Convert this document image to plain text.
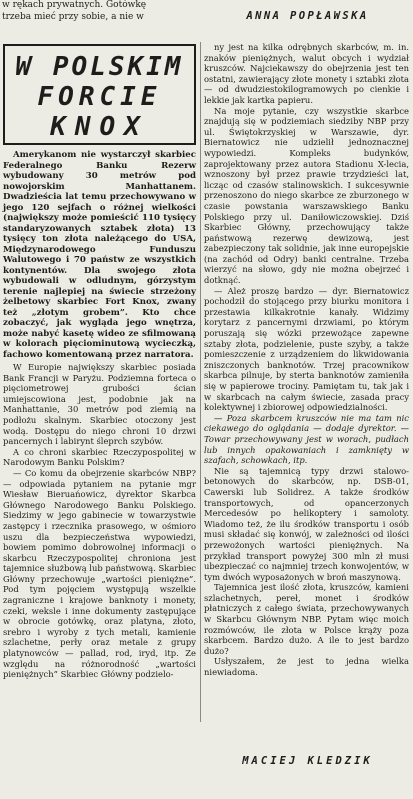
w rękach prywatnych. Gotówkę

trzeba mieć przy sobie, a nie w	ANNA POPŁAWSKA
W POLSKIM
FORCIE
KNOX

Amerykanom nie wystarczył skarbiec Federalnego Banku Rezerw wybudowany 30 metrów pod nowojorskim Manhattanem. Dwadzieścia lat temu przechowywano w jego 120 sejfach o różnej wielkości (największy może pomieścić 110 tysięcy standaryzowanych sztabek złota) 13 tysięcy ton złota należącego do USA, Międzynarodowego Funduszu Walutowego i 70 państw ze wszystkich kontynentów. Dla swojego złota wybudowali w odludnym, górzystym terenie najlepiej na świecie strzeżony żelbetowy skarbiec Fort Knox, zwany też „złotym grobem”. Kto chce zobaczyć, jak wygląda jego wnętrza, może nabyć kasetę wideo ze sfilmowaną w kolorach pięciominutową wycieczką, fachowo komentowaną przez narratora.

W Europie największy skarbiec posiada Bank Francji w Paryżu. Podziemna forteca o pięciometrowej grubości ścian umiejscowiona jest, podobnie jak na Manhattanie, 30 metrów pod ziemią na podłożu skalnym. Skarbiec otoczony jest wodą. Dostępu do niego chroni 10 drzwi pancernych i labirynt śleprch szybów.

A co chroni skarbiec Rzeczypospolitej w Narodowym Banku Polskim?

— Co komu da obejrzenie skarbców NBP? — odpowiada pytaniem na pytanie mgr Wiesław Bieruańowicz, dyrektor Skarbca Głównego Narodowego Banku Polskiego. Siedzimy w jego gabinecie w towarzystwie zastępcy i rzecznika prasowego, w ośmioro uszu dla bezpieczeństwa wypowiedzi, bowiem pomimo dobrowolnej informacji o skarbcu Rzeczypospolitej chroniona jest tajemnice służbową lub państwową. Skarbiec Główny przechowuje „wartości pieniężne”. Pod tym pojęciem występują wszelkie zagraniczne i krajowe banknoty i monety, czeki, weksle i inne dokumenty zastępujące w obrocie gotówkę, oraz platyna, złoto, srebro i wyroby z tych metali, kamienie szlachetne, perły oraz metale z grupy platynowców — pallad, rod, iryd, itp. Ze względu na różnorodność „wartości pieniężnych” Skarbiec Główny podzielo-

ny jest na kilka odrębnych skarbców, m. in. znaków pieniężnych, walut obcych i wydział kruszców. Najciekawszy do obejrzenia jest ten ostatni, zawierający złote monety i sztabki złota — od dwudziestokilogramowych po cienkie i lekkie jak kartka papieru.

Na moje pytanie, czy wszystkie skarbce znajdują się w podziemiach siedziby NBP przy ul. Świętokrzyskiej w Warszawie, dyr. Biernatowicz nie udzielił jednoznacznej wypowiedzi. Kompleks budynków, zaprojektowany przez autora Stadionu X-lecia, wznoszony był przez prawie trzydzieści lat, licząc od czasów stalinowskich. I sukcesywnie przenoszono do niego skarbce ze zburzonego w czasie powstania warszawskiego Banku Polskiego przy ul. Daniłowiczowskiej. Dziś Skarbiec Główny, przechowujący także państwową rezerwę dewizową, jest zabezpieczony tak solidnie, jak inne europejskie (na zachód od Odry) banki centralne. Trzeba wierzyć na słowo, gdy nie można obejrzeć i dotknąć.

— Ależ proszę bardzo — dyr. Biernatowicz pochodził do stojącego przy biurku monitora i przestawia kilkakrotnie kanały. Widzimy korytarz z pancernymi drzwiami, po którym poruszają się wózki przewożące zapewne sztaby złota, podzielenie, puste szyby, a także pomieszczenie z urządzeniem do likwidowania zniszczonych banknotów. Trzej pracownikow skarbca pilnuje, by sterta banknotów zamieniła się w papierowe trociny. Pamiętam tu, tak jak i w skarbcach na całym świecie, zasada pracy kolektywnej i zbiorowej odpowiedzialności.

— Poza skarbcem kruszców nie ma tam nic ciekawego do oglądania — dodaje dyrektor. — Towar przechowywany jest w worach, pudłach lub innych opakowaniach i zamknięty w szafach, schowkach, itp.

Nie są tajemnicą typy drzwi stalowo-betonowych do skarbców, np. DSB-01, Cawerski lub Solidrez. A także środków transportowych, od opancerzonych Mercedesów po helikoptery i samoloty. Wiadomo też, że ilu środków transportu i osób musi składać się konwój, w zależności od ilości przewożonych wartości pieniężnych. Na przykład transport powyżej 300 mln zł musi ubezpieczać co najmniej trzech konwojentów, w tym dwóch wyposażonych w broń maszynową.

Tajemnica jest ilość złota, kruszców, kamieni szlachetnych, pereł, monet i środków płatniczych z całego świata, przechowywanych w Skarbcu Głównym NBP. Pytam więc moich rozmówców, ile złota w Polsce krąży poza skarbcem. Bardzo dużo. A ile to jest bardzo dużo?

Usłyszałem, że jest to jedna wielka niewiadoma.

MACIEJ KLEDZIK
